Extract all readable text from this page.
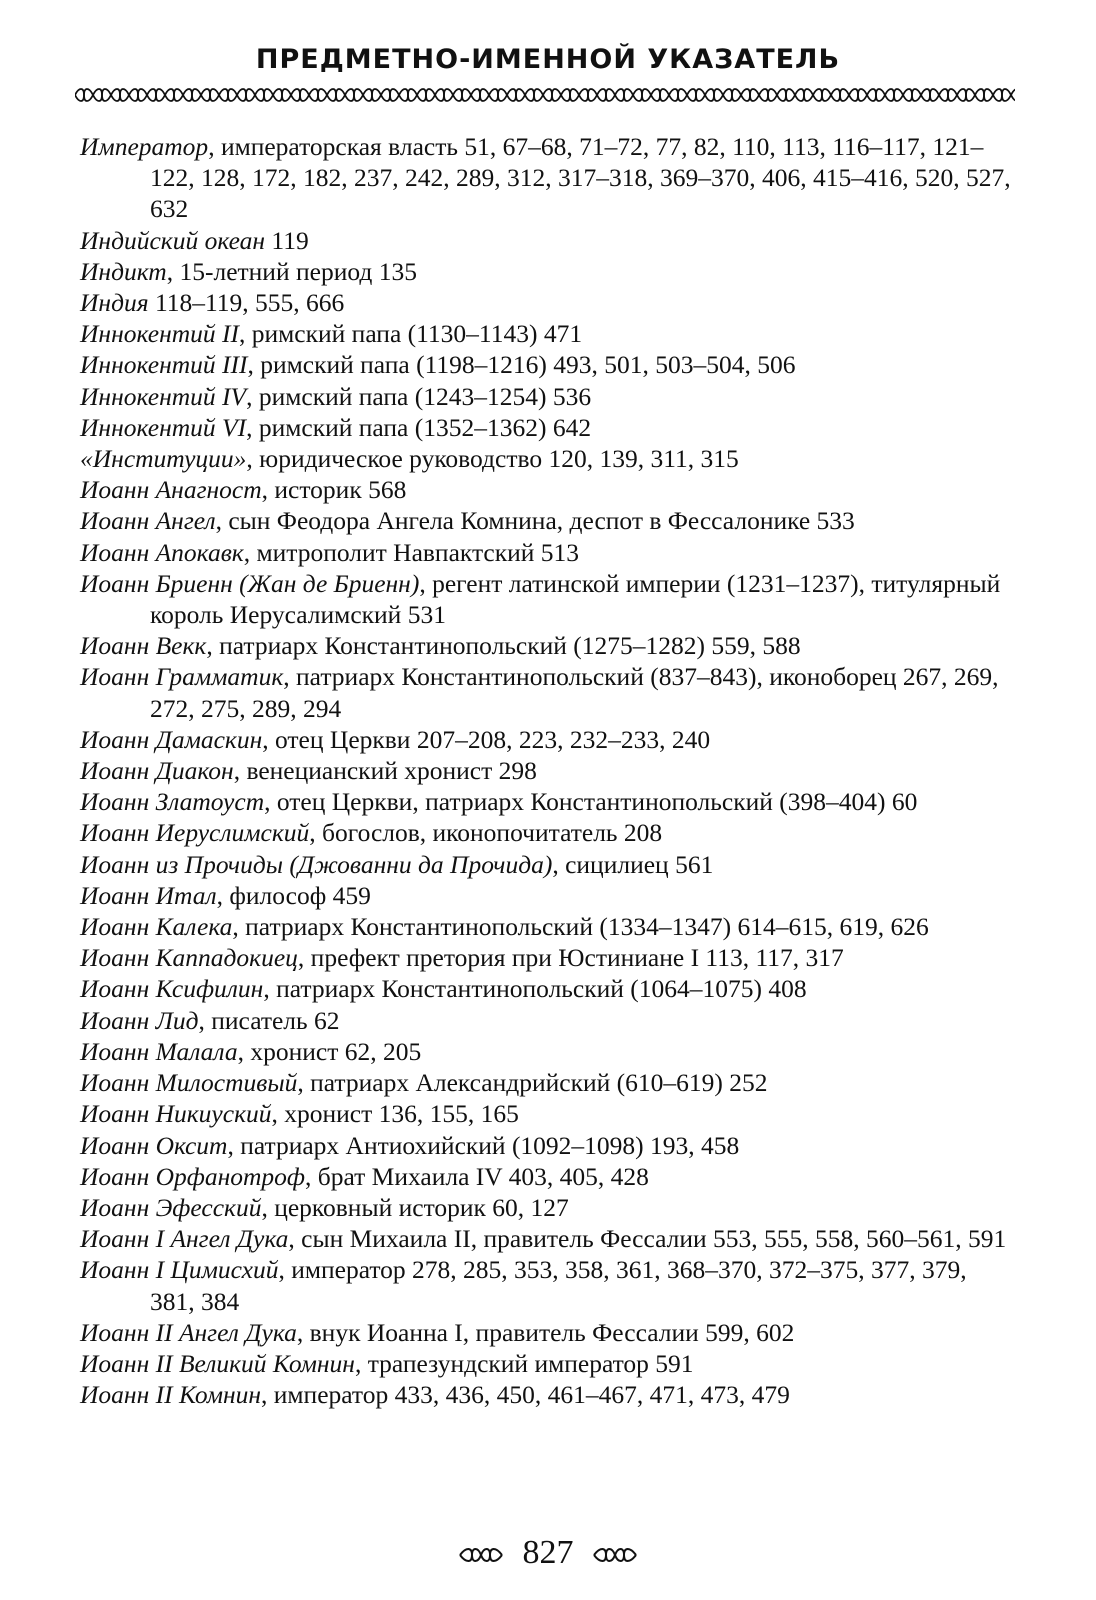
ПРЕДМЕТНО-ИМЕННОЙ УКАЗАТЕЛЬ

Император, императорская власть 51, 67–68, 71–72, 77, 82, 110, 113, 116–117, 121–122, 128, 172, 182, 237, 242, 289, 312, 317–318, 369–370, 406, 415–416, 520, 527, 632

Индийский океан 119

Индикт, 15-летний период 135

Индия 118–119, 555, 666

Иннокентий II, римский папа (1130–1143) 471

Иннокентий III, римский папа (1198–1216) 493, 501, 503–504, 506

Иннокентий IV, римский папа (1243–1254) 536

Иннокентий VI, римский папа (1352–1362) 642

«Институции», юридическое руководство 120, 139, 311, 315

Иоанн Анагност, историк 568

Иоанн Ангел, сын Феодора Ангела Комнина, деспот в Фессалонике 533

Иоанн Апокавк, митрополит Навпактский 513

Иоанн Бриенн (Жан де Бриенн), регент латинской империи (1231–1237), титулярный король Иерусалимский 531

Иоанн Векк, патриарх Константинопольский (1275–1282) 559, 588

Иоанн Грамматик, патриарх Константинопольский (837–843), иконоборец 267, 269, 272, 275, 289, 294

Иоанн Дамаскин, отец Церкви 207–208, 223, 232–233, 240

Иоанн Диакон, венецианский хронист 298

Иоанн Златоуст, отец Церкви, патриарх Константинопольский (398–404) 60

Иоанн Иеруслимский, богослов, иконопочитатель 208

Иоанн из Прочиды (Джованни да Прочида), сицилиец 561

Иоанн Итал, философ 459

Иоанн Калека, патриарх Константинопольский (1334–1347) 614–615, 619, 626

Иоанн Каппадокиец, префект претория при Юстиниане I 113, 117, 317

Иоанн Ксифилин, патриарх Константинопольский (1064–1075) 408

Иоанн Лид, писатель 62

Иоанн Малала, хронист 62, 205

Иоанн Милостивый, патриарх Александрийский (610–619) 252

Иоанн Никиуский, хронист 136, 155, 165

Иоанн Оксит, патриарх Антиохийский (1092–1098) 193, 458

Иоанн Орфанотроф, брат Михаила IV 403, 405, 428

Иоанн Эфесский, церковный историк 60, 127

Иоанн I Ангел Дука, сын Михаила II, правитель Фессалии 553, 555, 558, 560–561, 591

Иоанн I Цимисхий, император 278, 285, 353, 358, 361, 368–370, 372–375, 377, 379, 381, 384

Иоанн II Ангел Дука, внук Иоанна I, правитель Фессалии 599, 602

Иоанн II Великий Комнин, трапезундский император 591

Иоанн II Комнин, император 433, 436, 450, 461–467, 471, 473, 479

827
